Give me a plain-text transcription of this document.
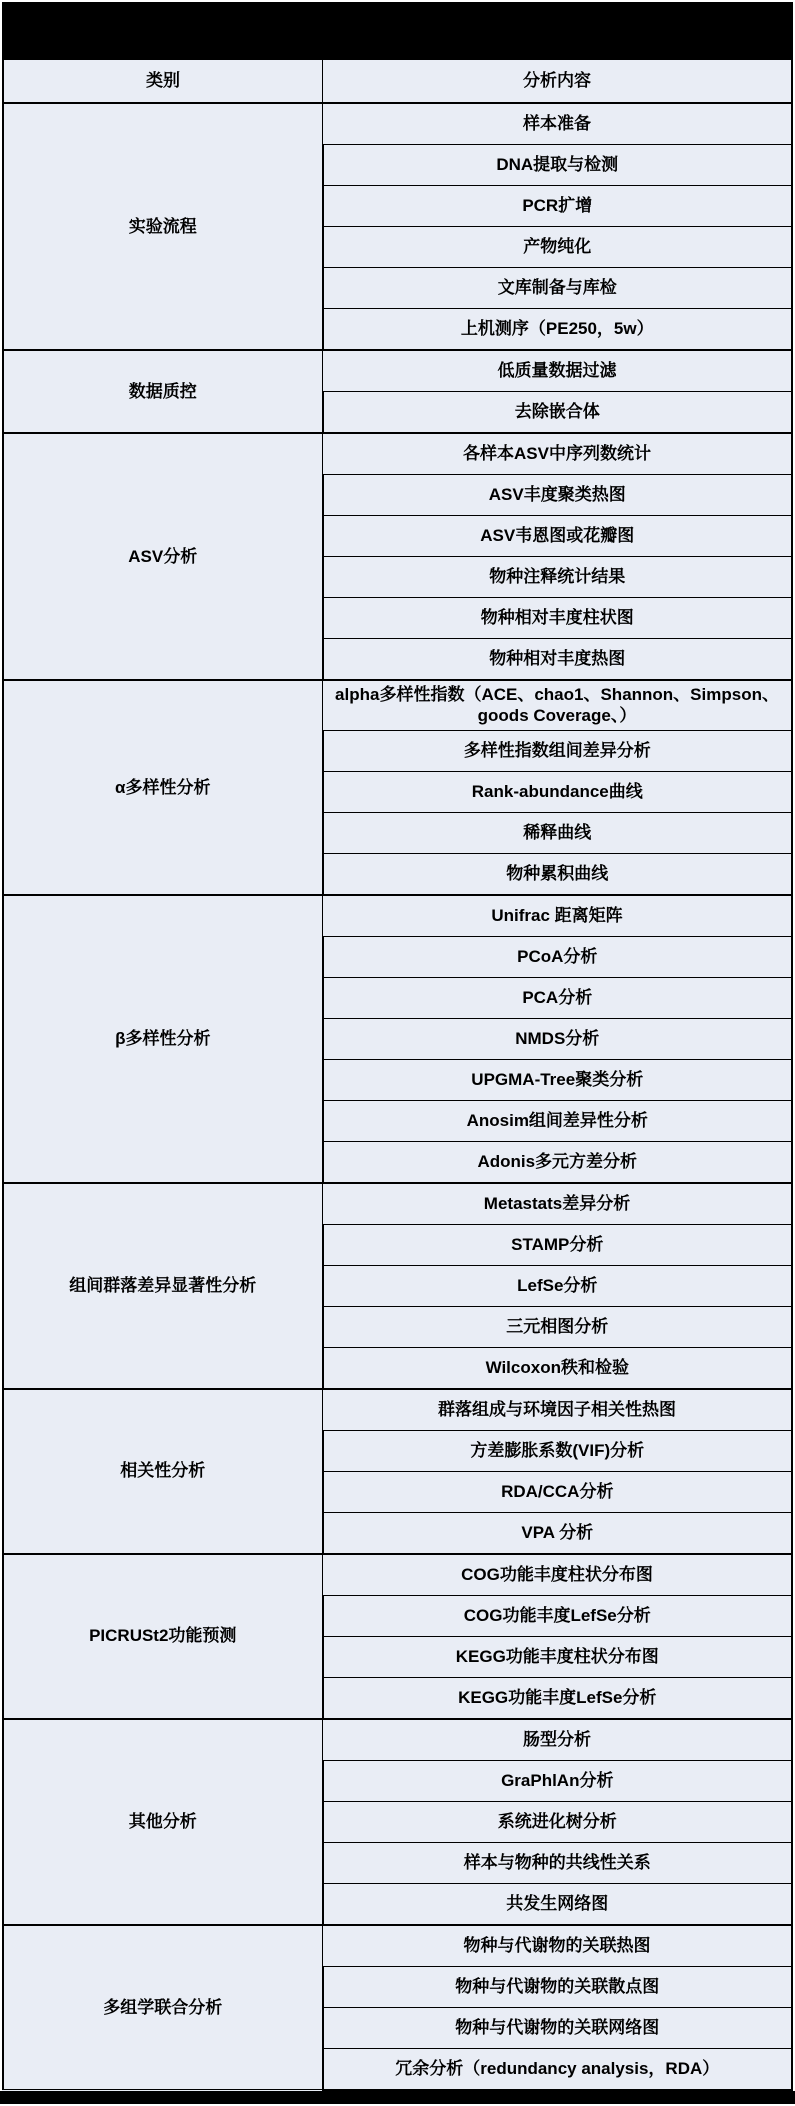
类别	分析内容
实验流程	样本准备
	DNA提取与检测
	PCR扩增
	产物纯化
	文库制备与库检
	上机测序（PE250，5w）
数据质控	低质量数据过滤
	去除嵌合体
ASV分析	各样本ASV中序列数统计
	ASV丰度聚类热图
	ASV韦恩图或花瓣图
	物种注释统计结果
	物种相对丰度柱状图
	物种相对丰度热图
α多样性分析	alpha多样性指数（ACE、chao1、Shannon、Simpson、goods Coverage、）
	多样性指数组间差异分析
	Rank-abundance曲线
	稀释曲线
	物种累积曲线
β多样性分析	Unifrac 距离矩阵
	PCoA分析
	PCA分析
	NMDS分析
	UPGMA-Tree聚类分析
	Anosim组间差异性分析
	Adonis多元方差分析
组间群落差异显著性分析	Metastats差异分析
	STAMP分析
	LefSe分析
	三元相图分析
	Wilcoxon秩和检验
相关性分析	群落组成与环境因子相关性热图
	方差膨胀系数(VIF)分析
	RDA/CCA分析
	VPA 分析
PICRUSt2功能预测	COG功能丰度柱状分布图
	COG功能丰度LefSe分析
	KEGG功能丰度柱状分布图
	KEGG功能丰度LefSe分析
其他分析	肠型分析
	GraPhlAn分析
	系统进化树分析
	样本与物种的共线性关系
	共发生网络图
多组学联合分析	物种与代谢物的关联热图
	物种与代谢物的关联散点图
	物种与代谢物的关联网络图
	冗余分析（redundancy analysis，RDA）
